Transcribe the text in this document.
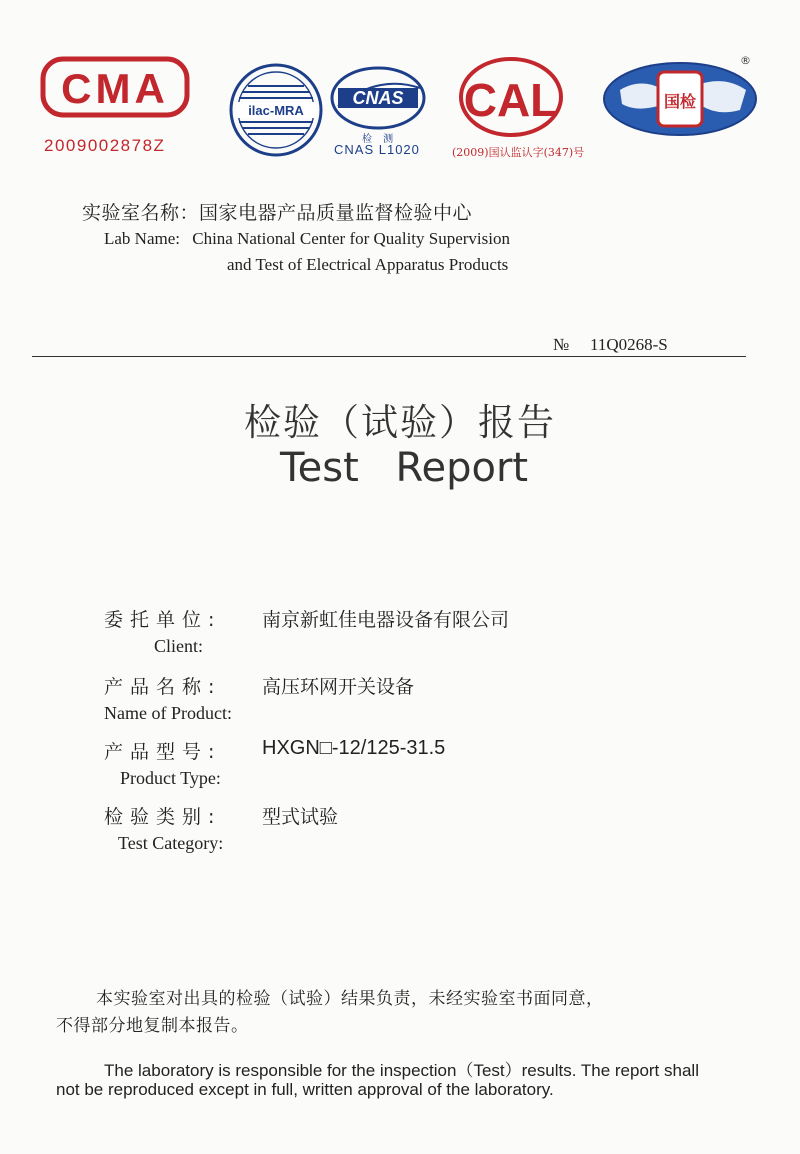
CMA
2009002878Z
ilac-MRA
CNAS
检 测
CNAS L1020
CAL
(2009)国认监认字(347)号
国检
®
实验室名称：国家电器产品质量监督检验中心
Lab Name: China National Center for Quality Supervision
and Test of Electrical Apparatus Products
№ 11Q0268-S
检验（试验）报告
Test Report
委托单位:
Client:
南京新虹佳电器设备有限公司
产品名称:
Name of Product:
高压环网开关设备
产品型号:
Product Type:
HXGN□-12/125-31.5
检验类别:
Test Category:
型式试验
本实验室对出具的检验（试验）结果负责，未经实验室书面同意，
不得部分地复制本报告。
The laboratory is responsible for the inspection（Test）results. The report shall
not be reproduced except in full, written approval of the laboratory.
